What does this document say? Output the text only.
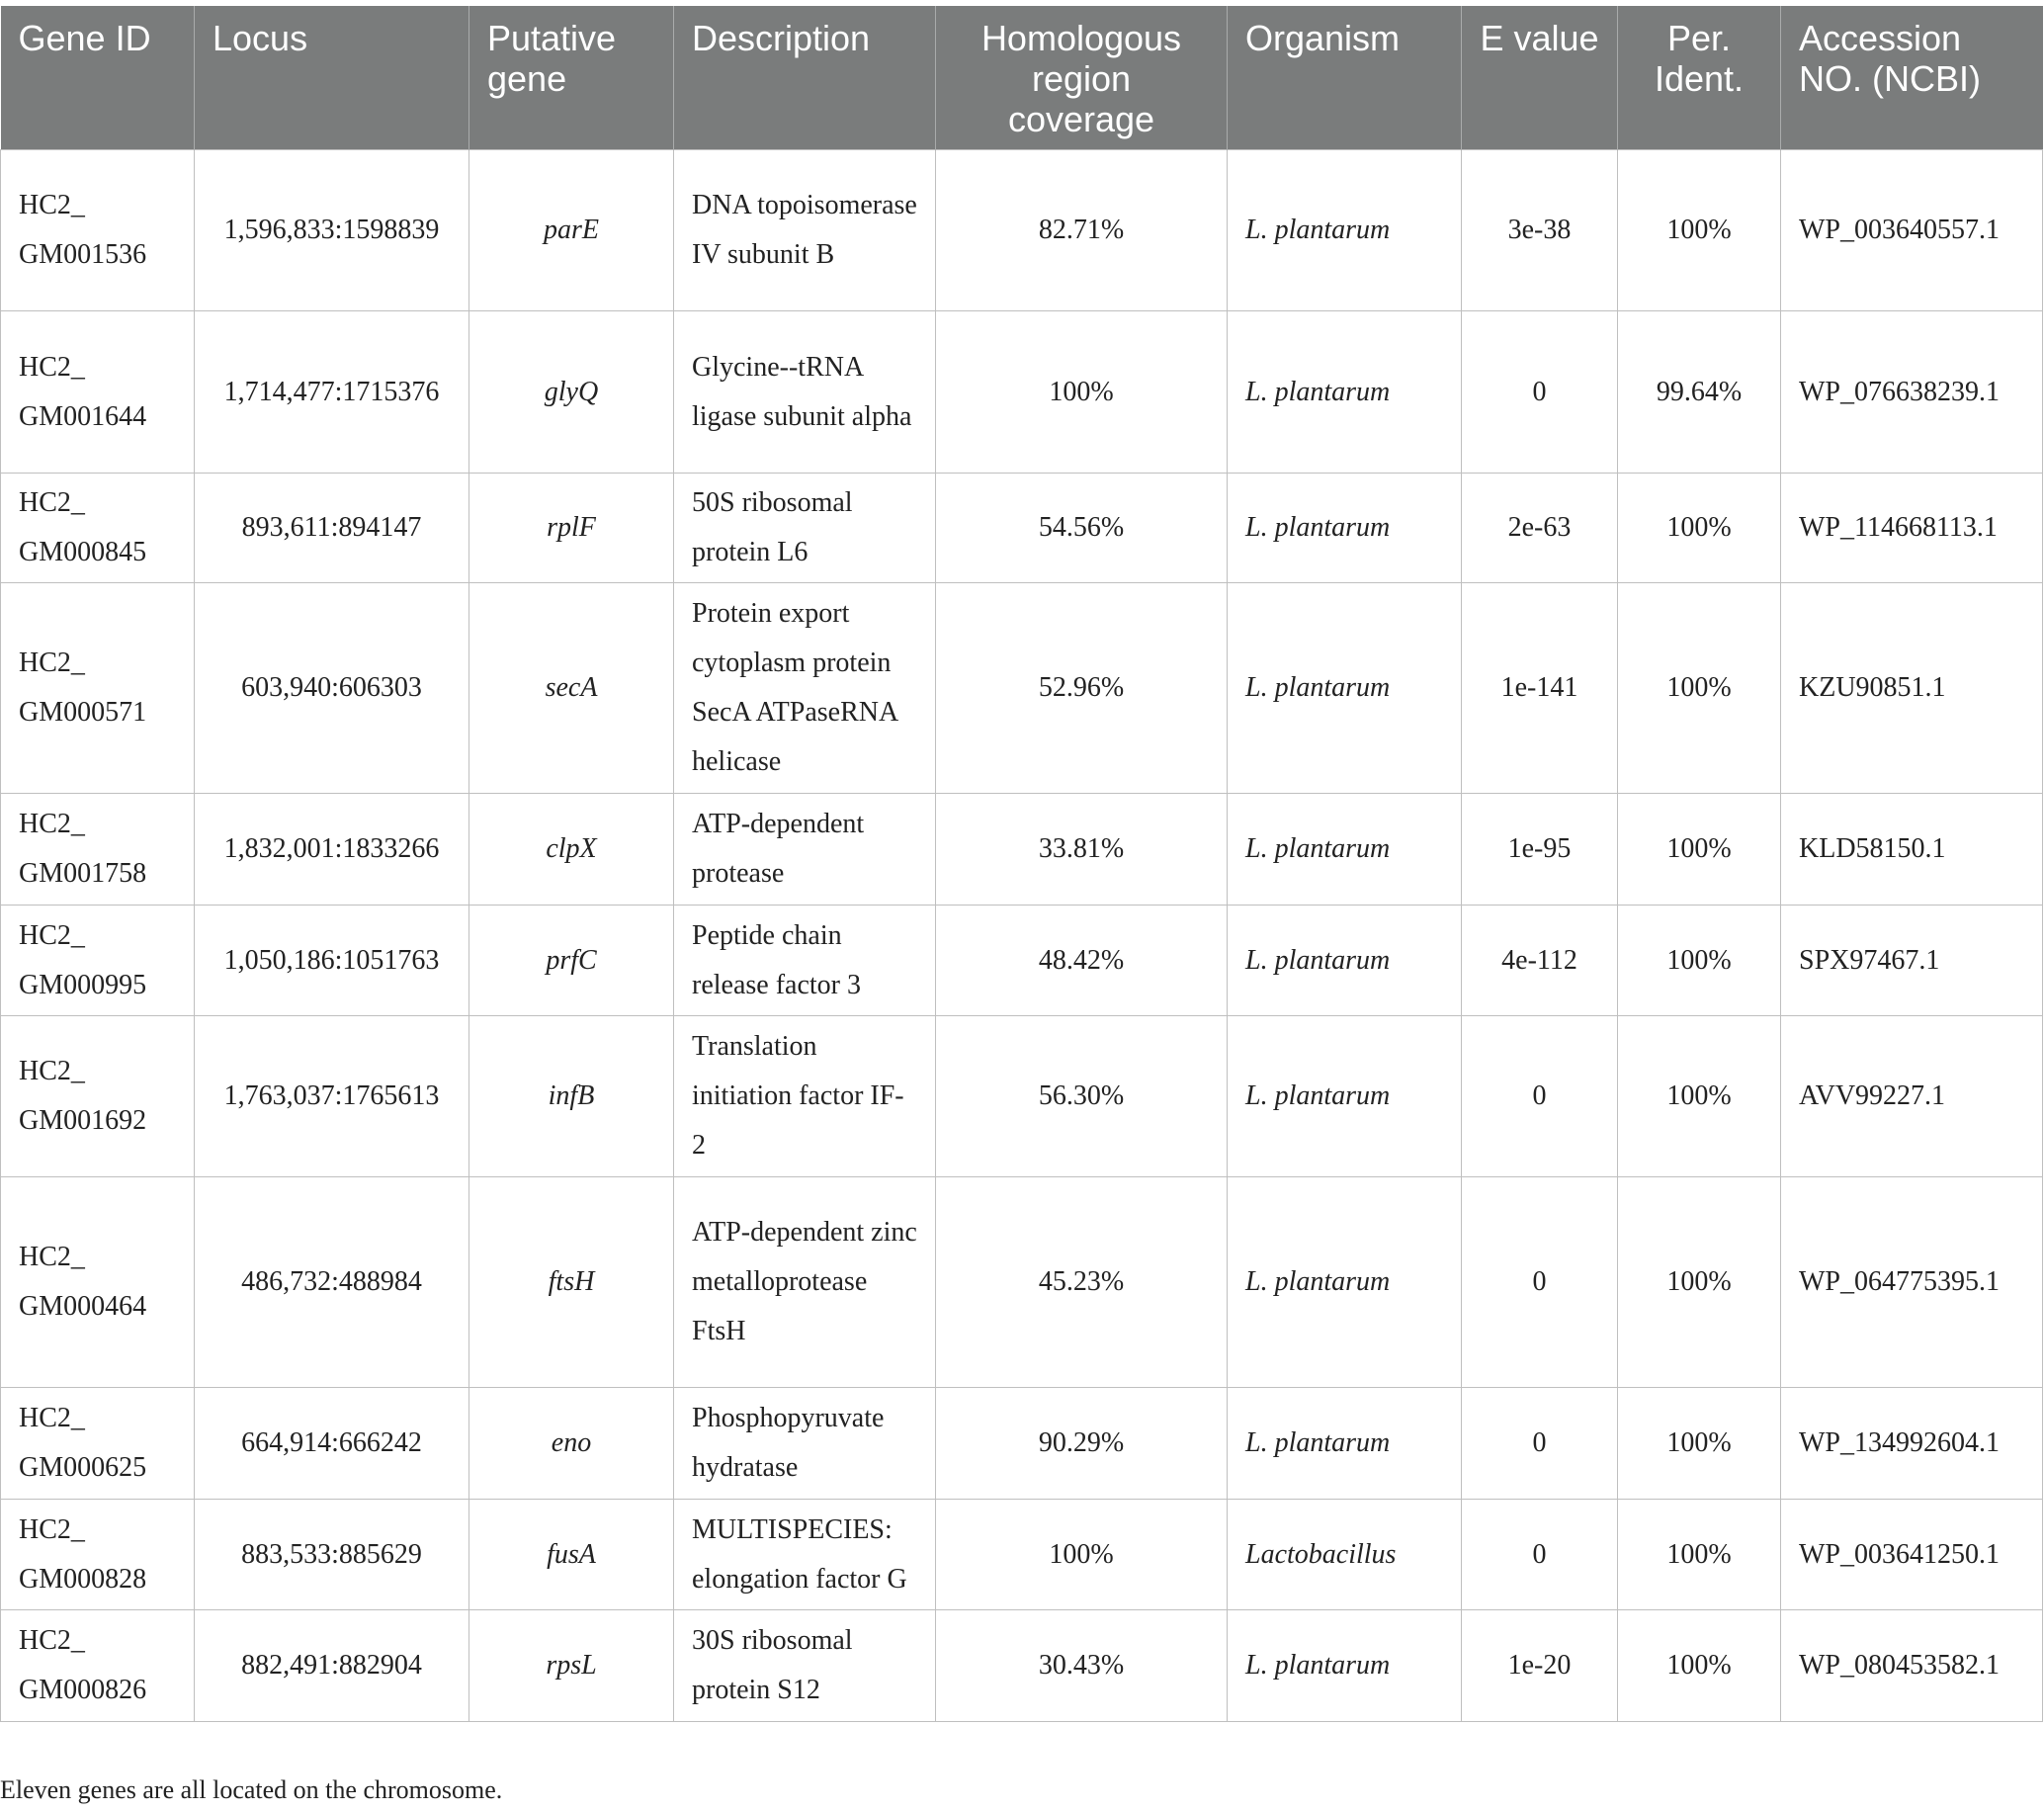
Gene ID	Locus	Putative gene	Description	Homologous region coverage	Organism	E value	Per. Ident.	Accession NO. (NCBI)
HC2_ GM001536	1,596,833:1598839	parE	DNA topoisomerase IV subunit B	82.71%	L. plantarum	3e-38	100%	WP_003640557.1
HC2_ GM001644	1,714,477:1715376	glyQ	Glycine--tRNA ligase subunit alpha	100%	L. plantarum	0	99.64%	WP_076638239.1
HC2_ GM000845	893,611:894147	rplF	50S ribosomal protein L6	54.56%	L. plantarum	2e-63	100%	WP_114668113.1
HC2_ GM000571	603,940:606303	secA	Protein export cytoplasm protein SecA ATPaseRNA helicase	52.96%	L. plantarum	1e-141	100%	KZU90851.1
HC2_ GM001758	1,832,001:1833266	clpX	ATP-dependent protease	33.81%	L. plantarum	1e-95	100%	KLD58150.1
HC2_ GM000995	1,050,186:1051763	prfC	Peptide chain release factor 3	48.42%	L. plantarum	4e-112	100%	SPX97467.1
HC2_ GM001692	1,763,037:1765613	infB	Translation initiation factor IF-2	56.30%	L. plantarum	0	100%	AVV99227.1
HC2_ GM000464	486,732:488984	ftsH	ATP-dependent zinc metalloprotease FtsH	45.23%	L. plantarum	0	100%	WP_064775395.1
HC2_ GM000625	664,914:666242	eno	Phosphopyruvate hydratase	90.29%	L. plantarum	0	100%	WP_134992604.1
HC2_ GM000828	883,533:885629	fusA	MULTISPECIES: elongation factor G	100%	Lactobacillus	0	100%	WP_003641250.1
HC2_ GM000826	882,491:882904	rpsL	30S ribosomal protein S12	30.43%	L. plantarum	1e-20	100%	WP_080453582.1
Eleven genes are all located on the chromosome.
